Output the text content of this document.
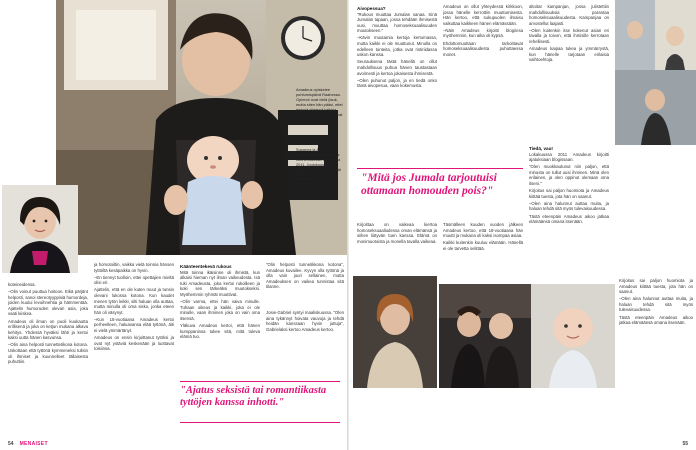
Amadeus opiskelee puhtumispäivä Raahessa. Opinnot ovat vielä (lauk, mutta siten hän pääsi, ettei emissä silmissä kaikkia tervitta 2016. "Hoiksat ovat yhä minun juttuni."
Susanna ja Amadeus tukeutuvat toisiinsa myös nuortenkuussa elokuussa 2011. Joulukuussa vaihdettiin lohtoja ja tähtäi jukoksi hän aloitti ensi tammikuussa 2012 alkaessaan.

koteineidensa.

–Olin voinut puuttua hoitoon. Eikä pärjänt helposti, sanoi stereotyyppisiä humordeja, joiden kuului levoihnehtia ja hämmentää. Ajattelin humoruden olevan asia, joka vaati kiiskea.

Amadeus oli ilman on puoli kuukautta erillisenä ja joka on ketjun mukana alkava kehitys. Yhdessä hyväksi lähti ja kertoi kaksi uutta hänen kasvunsa.

–Olin aina helposti tunnettetikona kotona. Uskottaan että tyttönä kymmeneksi tulisin oli ihmiset ja kuunnelleet tällaisesta puhuttiin.

ja homotoiltin, vaikka vielä toinnia hänsen tyttöiltä kesäpaikka on hyvin.

–En tiennyt tuolloin, ettei opettajien mieltä olisi eri.

Ajattelin, että en ole kuten muut ja tunsin olevani lukossa kotona. Kun kaudet menen tytön leikki, silti haluan olla auttaa, mutta minulla oli oma sisko, jonka eteen hän oli väsynyt.

–Kun 15-vuotiaana Amadeus kertoi perheelleen, haluavansa elää tyttönä, äiti ei vielä ymmärtänyt.

Amadeus on ensin kirjoittanut tytöksi ja ovat nyt ystäviä keskenään ja luottavat toisiinsa.

Käänteentekevä rukous

Mitä toinna ikäisinne oli ihmistä, kun alkaisi hieman nyt ilman vaikeudesta. Isä tuki Amadeusta, joka kertoi rukoilleen ja koki sen tärkeäksi muutokseksi. Myöhemmin ryhmät muuttivat.

–Olin varma, ettei hän vaiva minulle. Tuhaan oikeus ja kaikki, joka ei ole minulle, vaan ihminen joka on vain oma itsensä.

Yläkuva Amadeus kertoi, että hänen kumppaninsa tukee sitä, mitä tuleva elämä tuo.

"Olin helposti tunnetikkona kotona", Amadeus kuvailee. Kyvyn olla tyttönä ja olla vain juuri sellainen, mutta Amadeuksen on vaikea tunnistaa sitä tilanne.

Josie-Gabriel syntyi maaliskuussa. "Olen aina tykännyt hoivata vauvoja ja tehdä heidän kanssaan hyvin juttuja", Gabrielaksi kertoo Amadeus kertoo.

"Ajatus seksistä tai romantiikasta tyttöjen kanssa inhotti."
54 MENAISET
Aivopessua?

"Rukous muuttaa Jumalan sanaa. Sinä Jumalan tapaan, jossa tehdään ihmisestä uusi, muuttaa homoseksuaalisuuden muutokseen."

–Kävin muutamia kertoja kertomassa, mutta kaikki ei ole muuttunut. Minulla on edelleen tunteita, jotka ovat ristiriidassa uskon kanssa.

Seurauksena tästä hänellä on ollut mahdollisuus puhua hänen taustastaan avoimesti ja kertoa jokaisesta ihmisestä.

–Olen puhunut paljon, ja en tiedä onko tämä aivopesua, vaan kokemusta.

Amadeus on ollut yhteydessä kirkkoon, jossa hänelle kerrottiin muuttumisesta. Hän kertoo, että sukupuolen ilmaisu vaikuttaa kaikkeen hänen elämässään.

–Näin Amadeus kirjoitti blogiinsa myöhemmin, kun aika oli kypsä.

Ehdottomuuttaan tarkoittavat homoseksuaalisuudesta puhuttaessa monet.

"Mitä jos Jumala tarjoutuisi ottamaan homouden pois?"

Kirjoittaa on vaikeaa kiertoa homoseksuaaliudessa oman elämänsä ja siihen liittyvän tuen kanssa. Elämä on monimuotoista ja monella tavalla vaikeaa.

Täsmälleen kuuden vuoden jälkeen Amadeus kertoo, että 18-vuotiaana hän muutti ja mukana oli kaksi isompaa asiaa.

Kaikki kuitenkin kuuluu elämään. Hänellä ei ole tarvetta selittää.

altoitat kampanjan, jossa julistettiin mahdollisuuksia parantaa homoseksuaalisuudesta. Kampanjaa on arvostellut laajasti.

–Olen kuitenkin itse kokenut asian eri tavalla ja toivon, että ihmisille kerrotaan rehellisesti.

Amadeus kaipaa tukea ja ymmärrystä, kun hänelle tarjotaan erilaisia vaihtoehtoja.

Tiedä, vau!

Lokakuussa 2011 Amadeus kirjoitti ajatuksiaan blogissaan.

"Olen muokkautunut niin paljon, että minusta on tullut uusi ihminen. Minä olen erilainen, ja olen oppinut olemaan oma itseni."

Kirjoitus sai paljon huomiota ja Amadeus kiittää tuesta, jota hän on saanut.

–Olen aina halunnut auttaa muita, ja haluan tehdä sitä myös tulevaisuudessa.

Tästä eteenpäin Amadeus aikoo jatkaa elämäänsä omana itsenään.

Kirjoitus sai paljon huomiota ja Amadeus kiittää tuesta, jota hän on saanut.

–Olen aina halunnut auttaa muita, ja haluan tehdä sitä myös tulevaisuudessa.

Tästä eteenpäin Amadeus aikoo jatkaa elämäänsä omana itsenään.

55
